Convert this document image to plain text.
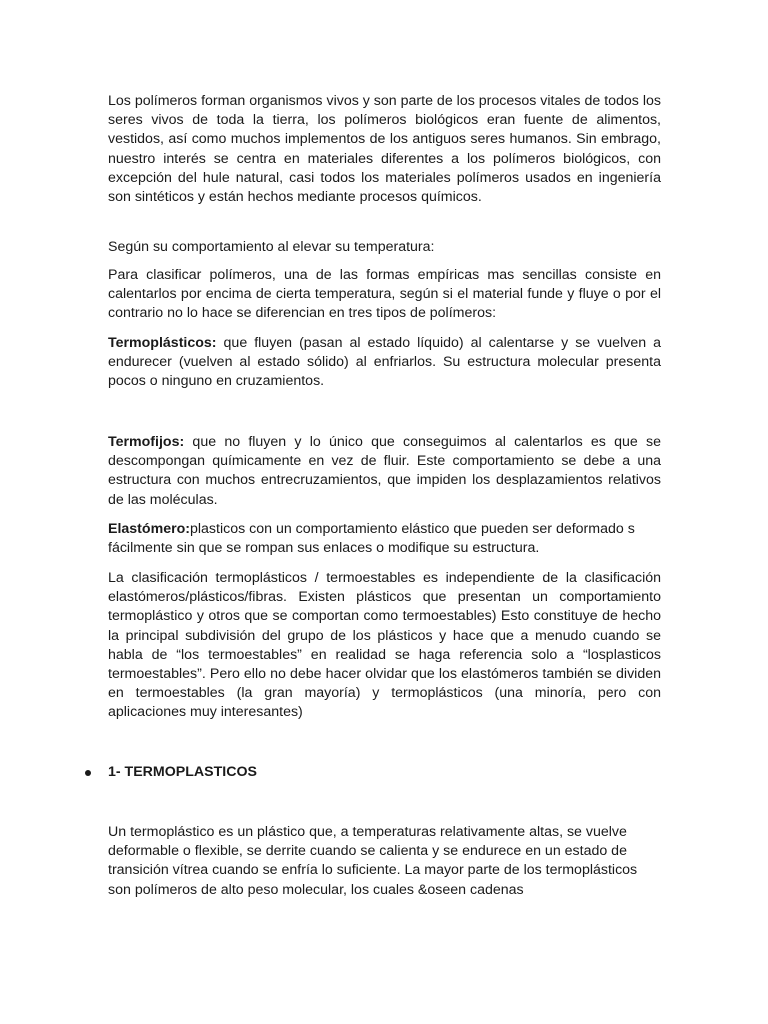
Los polímeros forman organismos vivos y son parte de los procesos vitales de todos los seres vivos de toda la tierra, los polímeros biológicos eran fuente de alimentos, vestidos, así como muchos implementos de los antiguos seres humanos. Sin embrago, nuestro interés se centra en materiales diferentes a los polímeros biológicos, con excepción del hule natural, casi todos los materiales polímeros usados en ingeniería son sintéticos y están hechos mediante procesos químicos.

Según su comportamiento al elevar su temperatura:

Para clasificar polímeros, una de las formas empíricas mas sencillas consiste en calentarlos por encima de cierta temperatura, según si el material funde y fluye o por el contrario no lo hace se diferencian en tres tipos de polímeros:

Termoplásticos: que fluyen (pasan al estado líquido) al calentarse y se vuelven a endurecer (vuelven al estado sólido) al enfriarlos. Su estructura molecular presenta pocos o ninguno en cruzamientos.

Termofijos: que no fluyen y lo único que conseguimos al calentarlos es que se descompongan químicamente en vez de fluir. Este comportamiento se debe a una estructura con muchos entrecruzamientos, que impiden los desplazamientos relativos de las moléculas.

Elastómero:plasticos con un comportamiento elástico que pueden ser deformado s fácilmente sin que se rompan sus enlaces o modifique su estructura.

La clasificación termoplásticos / termoestables es independiente de la clasificación elastómeros/plásticos/fibras. Existen plásticos que presentan un comportamiento termoplástico y otros que se comportan como termoestables) Esto constituye de hecho la principal subdivisión del grupo de los plásticos y hace que a menudo cuando se habla de “los termoestables” en realidad se haga referencia solo a “losplasticos termoestables”. Pero ello no debe hacer olvidar que los elastómeros también se dividen en termoestables (la gran mayoría) y termoplásticos (una minoría, pero con aplicaciones muy interesantes)

1- TERMOPLASTICOS

Un termoplástico es un plástico que, a temperaturas relativamente altas, se vuelve deformable o flexible, se derrite cuando se calienta y se endurece en un estado de transición vítrea cuando se enfría lo suficiente. La mayor parte de los termoplásticos son polímeros de alto peso molecular, los cuales &oseen cadenas
